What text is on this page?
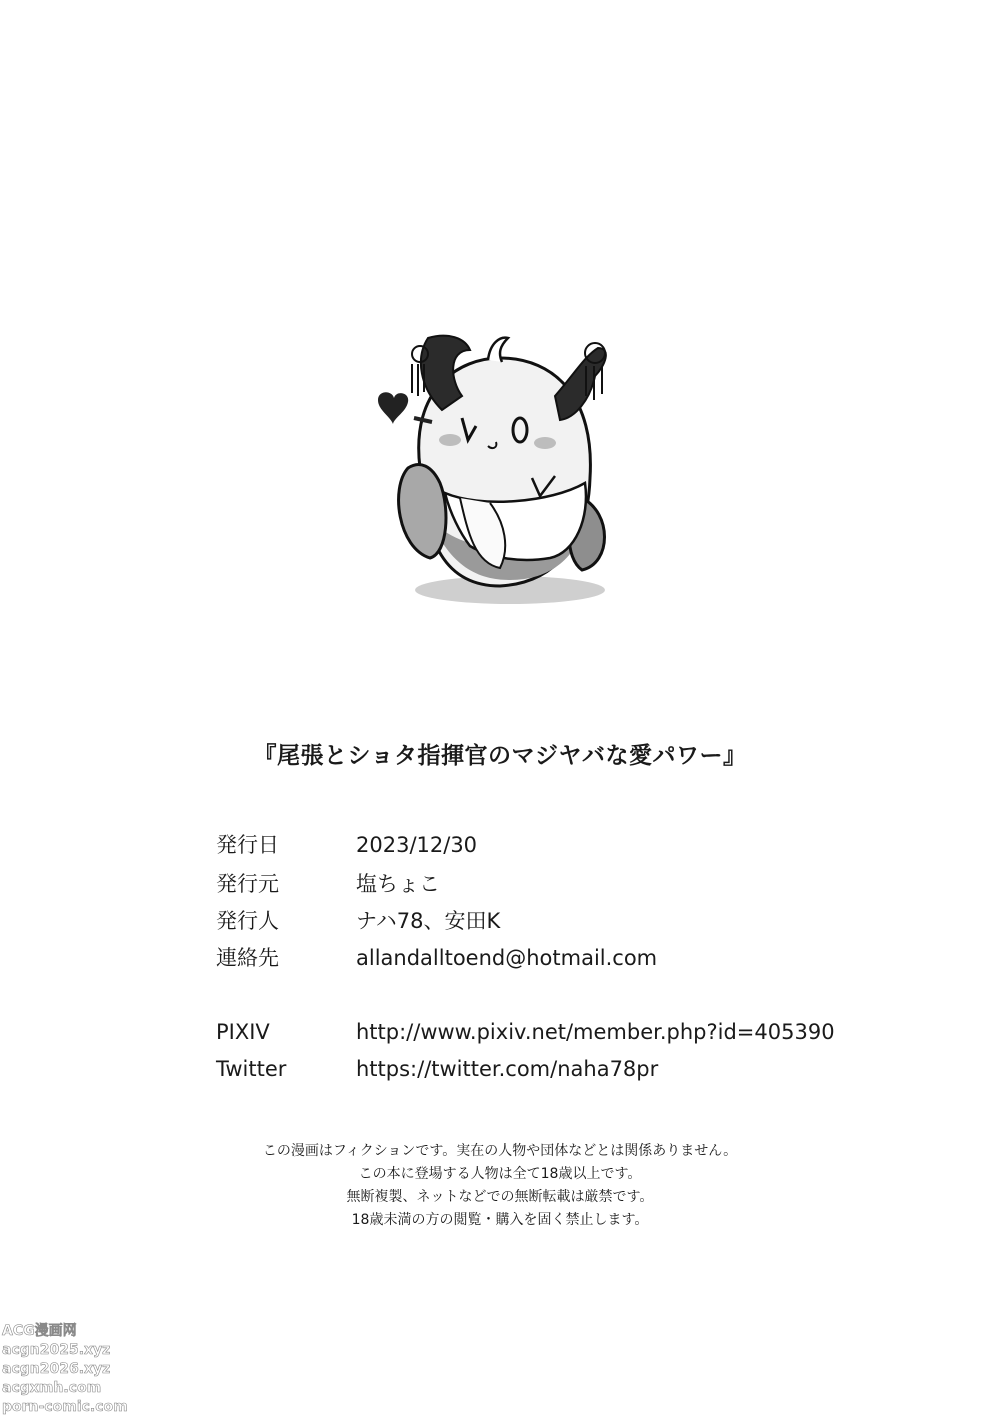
『尾張とショタ指揮官のマジヤバな愛パワー』
発行日	2023/12/30
発行元	塩ちょこ
発行人	ナハ78、安田K
連絡先	allandalltoend@hotmail.com
PIXIV	http://www.pixiv.net/member.php?id=405390
Twitter	https://twitter.com/naha78pr
この漫画はフィクションです。実在の人物や団体などとは関係ありません。
この本に登場する人物は全て18歳以上です。
無断複製、ネットなどでの無断転載は厳禁です。
18歳未満の方の閲覧・購入を固く禁止します。
ACG漫画网
acgn2025.xyz
acgn2026.xyz
acgxmh.com
porn-comic.com
